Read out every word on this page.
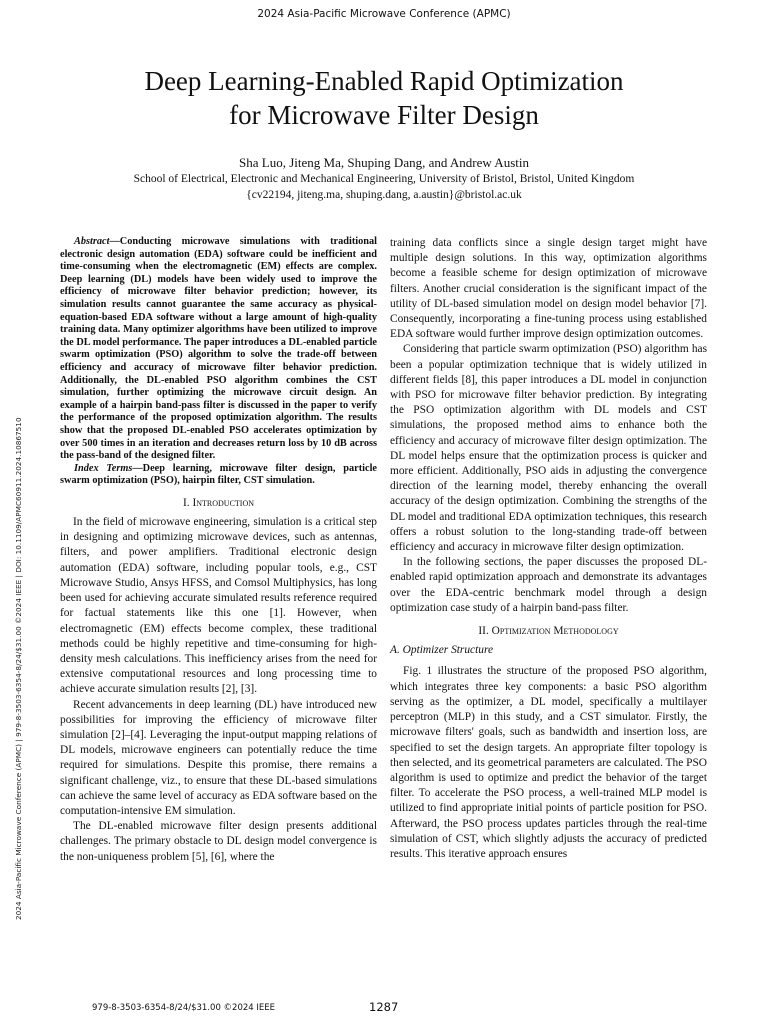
2024 Asia-Pacific Microwave Conference (APMC)
Deep Learning-Enabled Rapid Optimization
for Microwave Filter Design
Sha Luo, Jiteng Ma, Shuping Dang, and Andrew Austin
School of Electrical, Electronic and Mechanical Engineering, University of Bristol, Bristol, United Kingdom
{cv22194, jiteng.ma, shuping.dang, a.austin}@bristol.ac.uk
2024 Asia-Pacific Microwave Conference (APMC) | 979-8-3503-6354-8/24/$31.00 ©2024 IEEE | DOI: 10.1109/APMC60911.2024.10867510

Abstract—Conducting microwave simulations with traditional electronic design automation (EDA) software could be inefficient and time-consuming when the electromagnetic (EM) effects are complex. Deep learning (DL) models have been widely used to improve the efficiency of microwave filter behavior prediction; however, its simulation results cannot guarantee the same accuracy as physical-equation-based EDA software without a large amount of high-quality training data. Many optimizer algorithms have been utilized to improve the DL model performance. The paper introduces a DL-enabled particle swarm optimization (PSO) algorithm to solve the trade-off between efficiency and accuracy of microwave filter behavior prediction. Additionally, the DL-enabled PSO algorithm combines the CST simulation, further optimizing the microwave circuit design. An example of a hairpin band-pass filter is discussed in the paper to verify the performance of the proposed optimization algorithm. The results show that the proposed DL-enabled PSO accelerates optimization by over 500 times in an iteration and decreases return loss by 10 dB across the pass-band of the designed filter.

Index Terms—Deep learning, microwave filter design, particle swarm optimization (PSO), hairpin filter, CST simulation.

I. Introduction

In the field of microwave engineering, simulation is a critical step in designing and optimizing microwave devices, such as antennas, filters, and power amplifiers. Traditional electronic design automation (EDA) software, including popular tools, e.g., CST Microwave Studio, Ansys HFSS, and Comsol Multiphysics, has long been used for achieving accurate simulated results reference required for factual statements like this one [1]. However, when electromagnetic (EM) effects become complex, these traditional methods could be highly repetitive and time-consuming for high-density mesh calculations. This inefficiency arises from the need for extensive computational resources and long processing time to achieve accurate simulation results [2], [3].

Recent advancements in deep learning (DL) have introduced new possibilities for improving the efficiency of microwave filter simulation [2]–[4]. Leveraging the input-output mapping relations of DL models, microwave engineers can potentially reduce the time required for simulations. Despite this promise, there remains a significant challenge, viz., to ensure that these DL-based simulations can achieve the same level of accuracy as EDA software based on the computation-intensive EM simulation.

The DL-enabled microwave filter design presents additional challenges. The primary obstacle to DL design model convergence is the non-uniqueness problem [5], [6], where the

training data conflicts since a single design target might have multiple design solutions. In this way, optimization algorithms become a feasible scheme for design optimization of microwave filters. Another crucial consideration is the significant impact of the utility of DL-based simulation model on design model behavior [7]. Consequently, incorporating a fine-tuning process using established EDA software would further improve design optimization outcomes.

Considering that particle swarm optimization (PSO) algorithm has been a popular optimization technique that is widely utilized in different fields [8], this paper introduces a DL model in conjunction with PSO for microwave filter behavior prediction. By integrating the PSO optimization algorithm with DL models and CST simulations, the proposed method aims to enhance both the efficiency and accuracy of microwave filter design optimization. The DL model helps ensure that the optimization process is quicker and more efficient. Additionally, PSO aids in adjusting the convergence direction of the learning model, thereby enhancing the overall accuracy of the design optimization. Combining the strengths of the DL model and traditional EDA optimization techniques, this research offers a robust solution to the long-standing trade-off between efficiency and accuracy in microwave filter design optimization.

In the following sections, the paper discusses the proposed DL-enabled rapid optimization approach and demonstrate its advantages over the EDA-centric benchmark model through a design optimization case study of a hairpin band-pass filter.

II. Optimization Methodology
A. Optimizer Structure

Fig. 1 illustrates the structure of the proposed PSO algorithm, which integrates three key components: a basic PSO algorithm serving as the optimizer, a DL model, specifically a multilayer perceptron (MLP) in this study, and a CST simulator. Firstly, the microwave filters' goals, such as bandwidth and insertion loss, are specified to set the design targets. An appropriate filter topology is then selected, and its geometrical parameters are calculated. The PSO algorithm is used to optimize and predict the behavior of the target filter. To accelerate the PSO process, a well-trained MLP model is utilized to find appropriate initial points of particle position for PSO. Afterward, the PSO process updates particles through the real-time simulation of CST, which slightly adjusts the accuracy of predicted results. This iterative approach ensures

979-8-3503-6354-8/24/$31.00 ©2024 IEEE	1287
